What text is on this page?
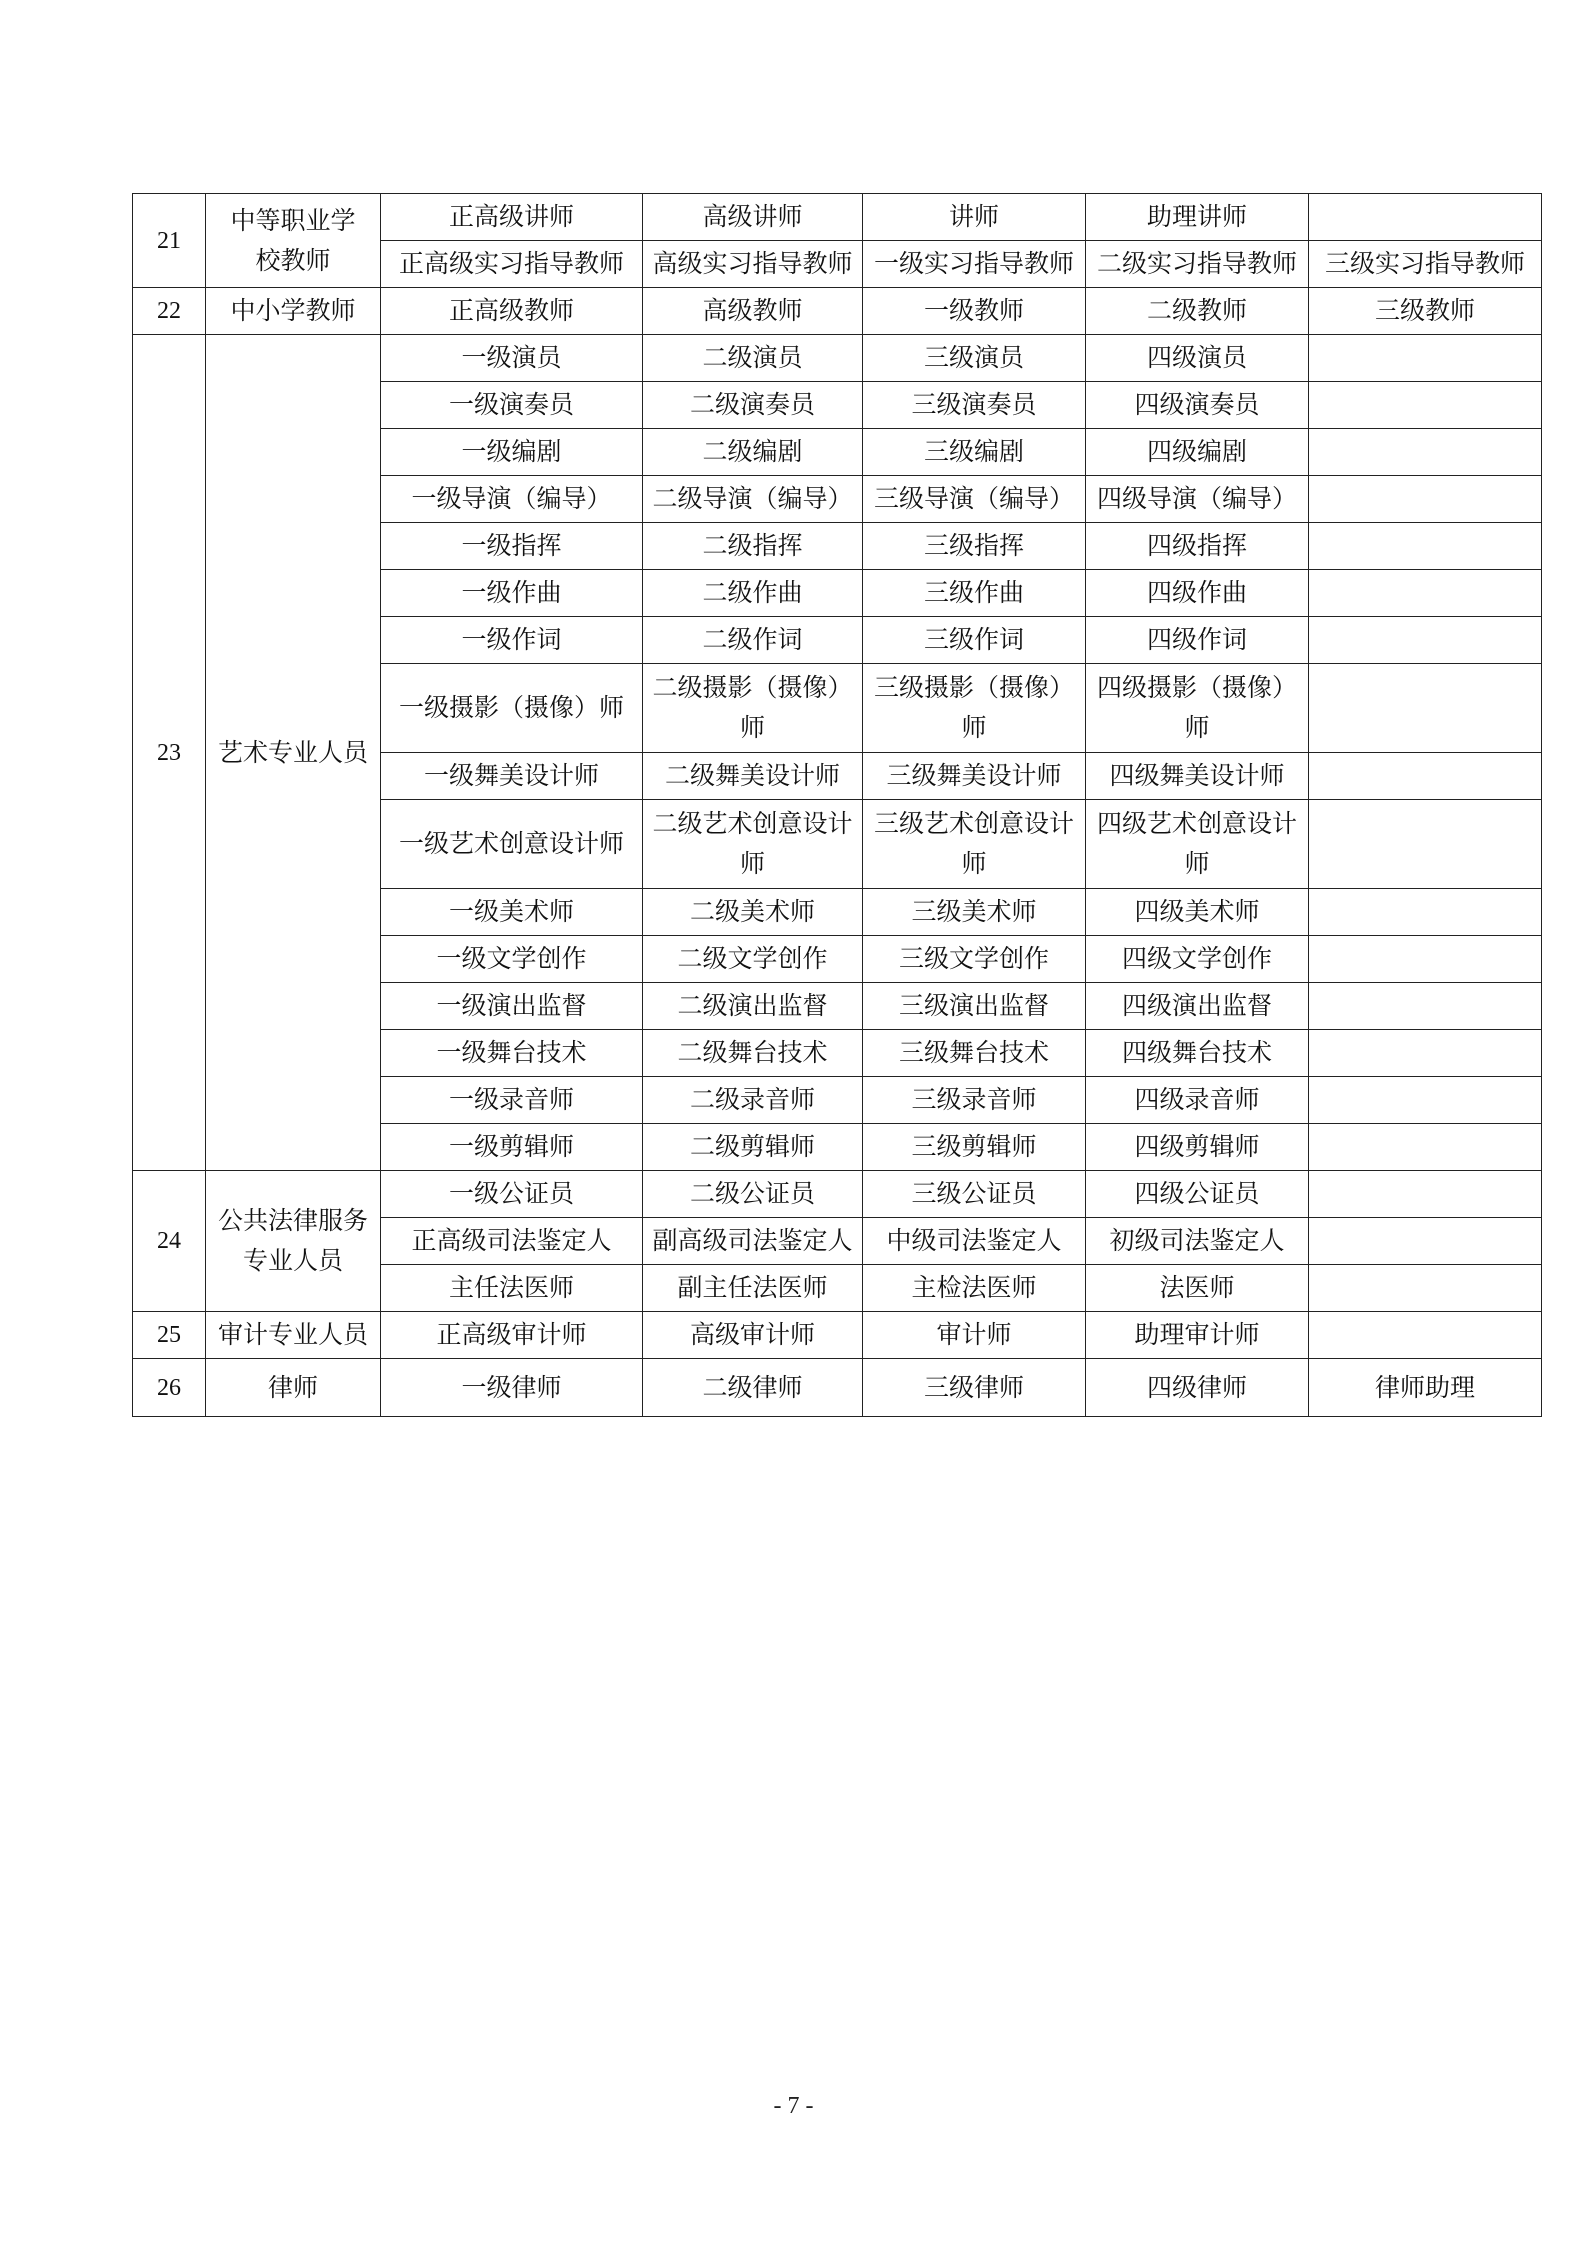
21	中等职业学校教师	正高级讲师	高级讲师	讲师	助理讲师	
		正高级实习指导教师	高级实习指导教师	一级实习指导教师	二级实习指导教师	三级实习指导教师
22	中小学教师	正高级教师	高级教师	一级教师	二级教师	三级教师
23	艺术专业人员	一级演员	二级演员	三级演员	四级演员	
		一级演奏员	二级演奏员	三级演奏员	四级演奏员	
		一级编剧	二级编剧	三级编剧	四级编剧	
		一级导演（编导）	二级导演（编导）	三级导演（编导）	四级导演（编导）	
		一级指挥	二级指挥	三级指挥	四级指挥	
		一级作曲	二级作曲	三级作曲	四级作曲	
		一级作词	二级作词	三级作词	四级作词	
		一级摄影（摄像）师	二级摄影（摄像）师	三级摄影（摄像）师	四级摄影（摄像）师	
		一级舞美设计师	二级舞美设计师	三级舞美设计师	四级舞美设计师	
		一级艺术创意设计师	二级艺术创意设计师	三级艺术创意设计师	四级艺术创意设计师	
		一级美术师	二级美术师	三级美术师	四级美术师	
		一级文学创作	二级文学创作	三级文学创作	四级文学创作	
		一级演出监督	二级演出监督	三级演出监督	四级演出监督	
		一级舞台技术	二级舞台技术	三级舞台技术	四级舞台技术	
		一级录音师	二级录音师	三级录音师	四级录音师	
		一级剪辑师	二级剪辑师	三级剪辑师	四级剪辑师	
24	公共法律服务专业人员	一级公证员	二级公证员	三级公证员	四级公证员	
		正高级司法鉴定人	副高级司法鉴定人	中级司法鉴定人	初级司法鉴定人	
		主任法医师	副主任法医师	主检法医师	法医师	
25	审计专业人员	正高级审计师	高级审计师	审计师	助理审计师	
26	律师	一级律师	二级律师	三级律师	四级律师	律师助理
- 7 -
